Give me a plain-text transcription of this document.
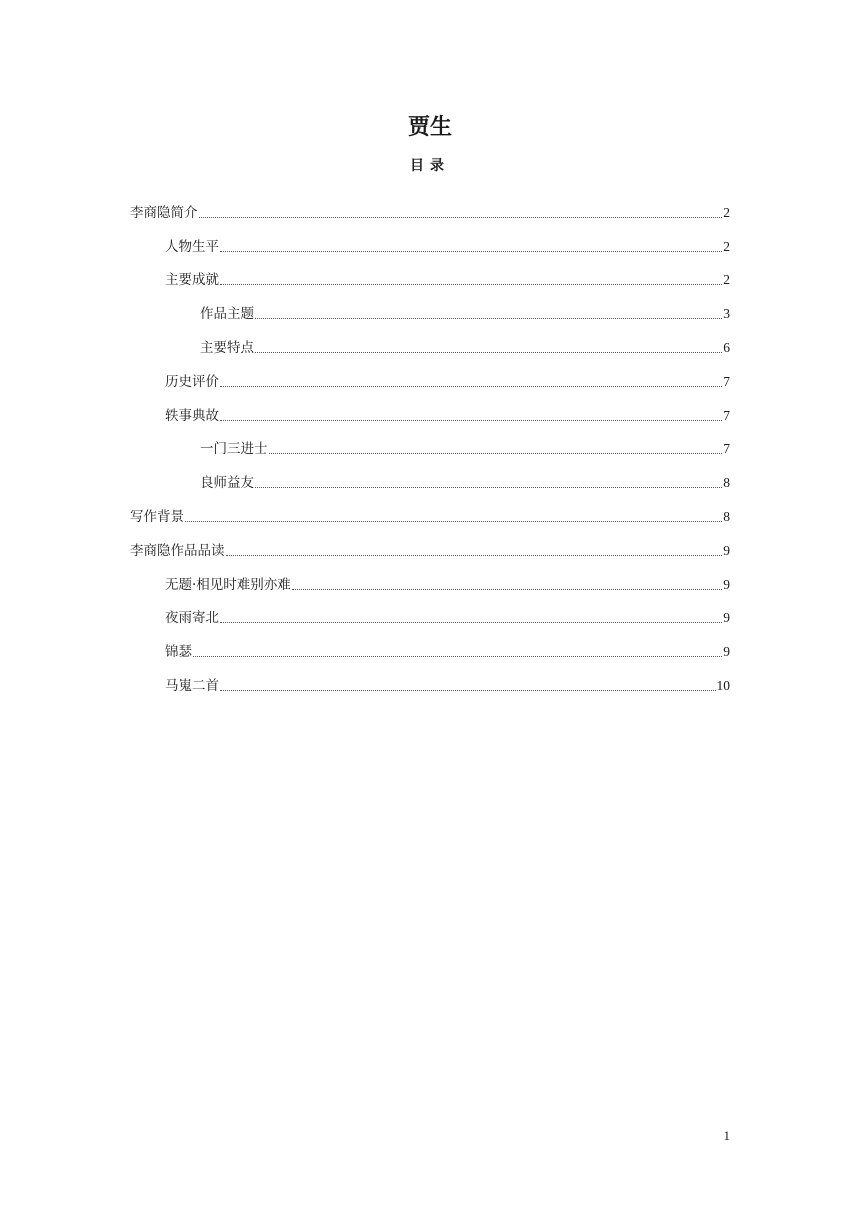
贾生
目录
李商隐简介	2
人物生平	2
主要成就	2
作品主题	3
主要特点	6
历史评价	7
轶事典故	7
一门三进士	7
良师益友	8
写作背景	8
李商隐作品品读	9
无题·相见时难别亦难	9
夜雨寄北	9
锦瑟	9
马嵬二首	10
1
